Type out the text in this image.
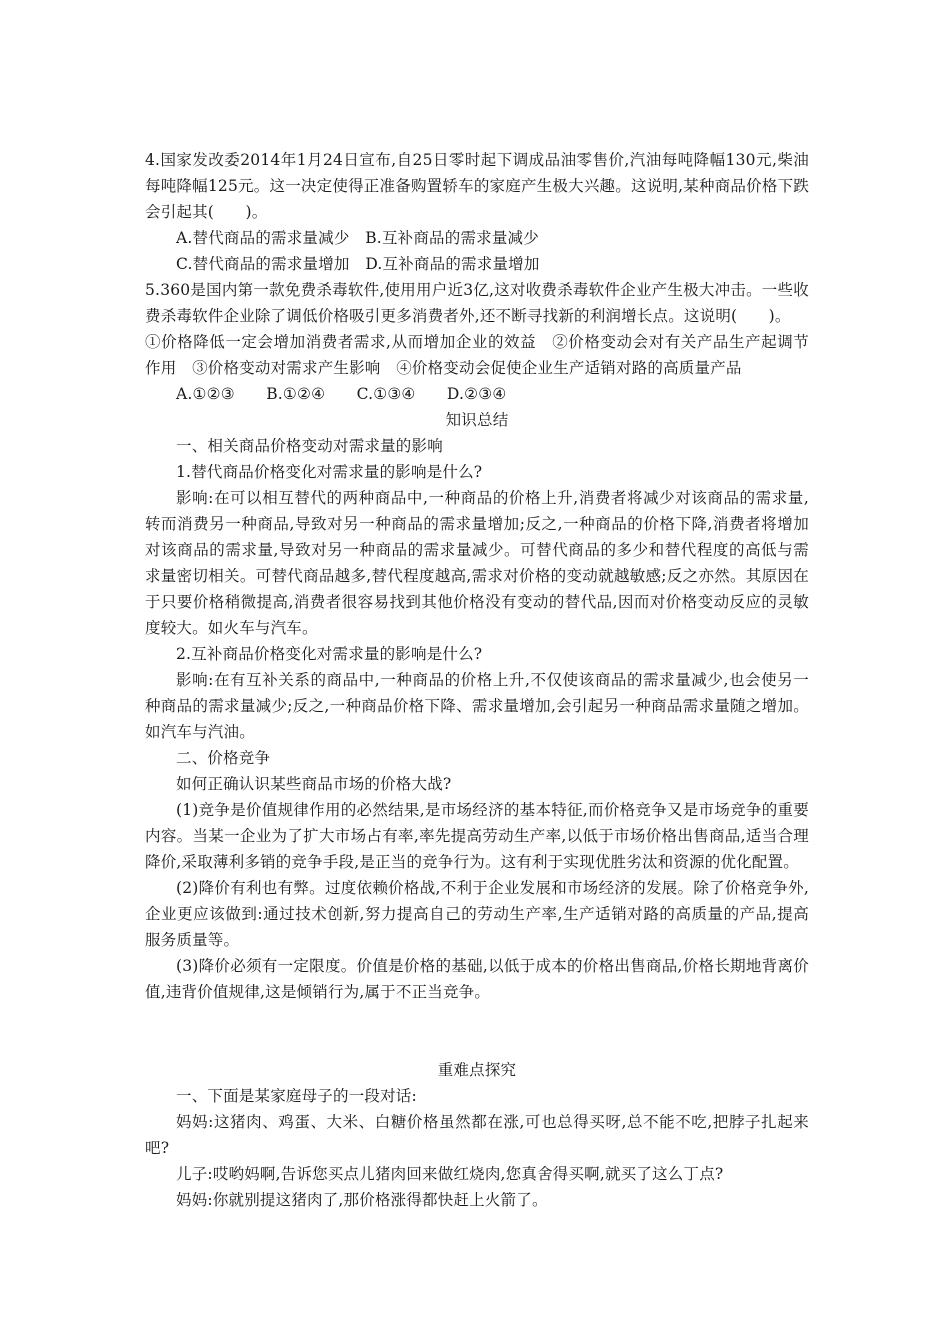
4.国家发改委2014年1月24日宣布,自25日零时起下调成品油零售价,汽油每吨降幅130元,柴油每吨降幅125元。这一决定使得正准备购置轿车的家庭产生极大兴趣。这说明,某种商品价格下跌会引起其(　　)。

A.替代商品的需求量减少　B.互补商品的需求量减少

C.替代商品的需求量增加　D.互补商品的需求量增加

5.360是国内第一款免费杀毒软件,使用用户近3亿,这对收费杀毒软件企业产生极大冲击。一些收费杀毒软件企业除了调低价格吸引更多消费者外,还不断寻找新的利润增长点。这说明(　　)。

①价格降低一定会增加消费者需求,从而增加企业的效益　②价格变动会对有关产品生产起调节作用　③价格变动对需求产生影响　④价格变动会促使企业生产适销对路的高质量产品

A.①②③　　B.①②④　　C.①③④　　D.②③④

知识总结

一、相关商品价格变动对需求量的影响

1.替代商品价格变化对需求量的影响是什么?

影响:在可以相互替代的两种商品中,一种商品的价格上升,消费者将减少对该商品的需求量,转而消费另一种商品,导致对另一种商品的需求量增加;反之,一种商品的价格下降,消费者将增加对该商品的需求量,导致对另一种商品的需求量减少。可替代商品的多少和替代程度的高低与需求量密切相关。可替代商品越多,替代程度越高,需求对价格的变动就越敏感;反之亦然。其原因在于只要价格稍微提高,消费者很容易找到其他价格没有变动的替代品,因而对价格变动反应的灵敏度较大。如火车与汽车。

2.互补商品价格变化对需求量的影响是什么?

影响:在有互补关系的商品中,一种商品的价格上升,不仅使该商品的需求量减少,也会使另一种商品的需求量减少;反之,一种商品价格下降、需求量增加,会引起另一种商品需求量随之增加。如汽车与汽油。

二、价格竞争

如何正确认识某些商品市场的价格大战?

(1)竞争是价值规律作用的必然结果,是市场经济的基本特征,而价格竞争又是市场竞争的重要内容。当某一企业为了扩大市场占有率,率先提高劳动生产率,以低于市场价格出售商品,适当合理降价,采取薄利多销的竞争手段,是正当的竞争行为。这有利于实现优胜劣汰和资源的优化配置。

(2)降价有利也有弊。过度依赖价格战,不利于企业发展和市场经济的发展。除了价格竞争外,企业更应该做到:通过技术创新,努力提高自己的劳动生产率,生产适销对路的高质量的产品,提高服务质量等。

(3)降价必须有一定限度。价值是价格的基础,以低于成本的价格出售商品,价格长期地背离价值,违背价值规律,这是倾销行为,属于不正当竞争。

重难点探究

一、下面是某家庭母子的一段对话:

妈妈:这猪肉、鸡蛋、大米、白糖价格虽然都在涨,可也总得买呀,总不能不吃,把脖子扎起来吧?

儿子:哎哟妈啊,告诉您买点儿猪肉回来做红烧肉,您真舍得买啊,就买了这么丁点?

妈妈:你就别提这猪肉了,那价格涨得都快赶上火箭了。
